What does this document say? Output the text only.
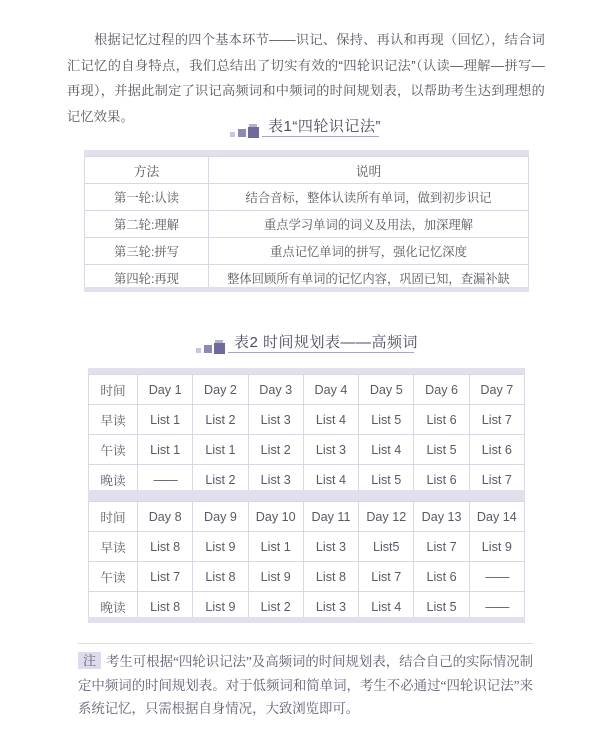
根据记忆过程的四个基本环节——识记、保持、再认和再现（回忆），结合词汇记忆的自身特点，我们总结出了切实有效的“四轮识记法”（认读—理解—拼写—再现），并据此制定了识记高频词和中频词的时间规划表，以帮助考生达到理想的记忆效果。

表1“四轮识记法”
方法	说明
第一轮:认读	结合音标，整体认读所有单词，做到初步识记
第二轮:理解	重点学习单词的词义及用法，加深理解
第三轮:拼写	重点记忆单词的拼写，强化记忆深度
第四轮:再现	整体回顾所有单词的记忆内容，巩固已知，查漏补缺
表2 时间规划表——高频词
时间	Day 1	Day 2	Day 3	Day 4	Day 5	Day 6	Day 7
早读	List 1	List 2	List 3	List 4	List 5	List 6	List 7
午读	List 1	List 1	List 2	List 3	List 4	List 5	List 6
晚读	——	List 2	List 3	List 4	List 5	List 6	List 7
时间	Day 8	Day 9	Day 10	Day 11	Day 12	Day 13	Day 14
早读	List 8	List 9	List 1	List 3	List5	List 7	List 9
午读	List 7	List 8	List 9	List 8	List 7	List 6	——
晚读	List 8	List 9	List 2	List 3	List 4	List 5	——
注 考生可根据“四轮识记法”及高频词的时间规划表，结合自己的实际情况制定中频词的时间规划表。对于低频词和简单词，考生不必通过“四轮识记法”来系统记忆，只需根据自身情况，大致浏览即可。
